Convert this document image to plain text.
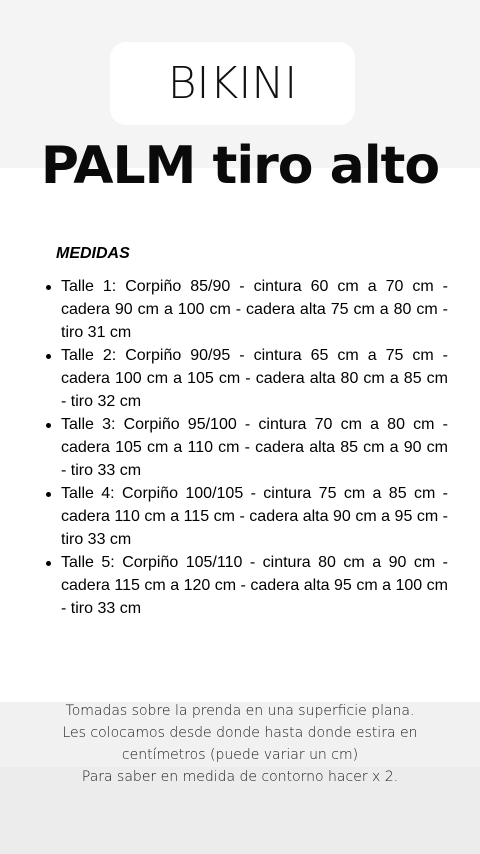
BIKINI
PALM tiro alto
MEDIDAS
Talle 1: Corpiño 85/90 - cintura 60 cm a 70 cm - cadera 90 cm a 100 cm - cadera alta 75 cm a 80 cm - tiro 31 cm
Talle 2: Corpiño 90/95 - cintura 65 cm a 75 cm - cadera 100 cm a 105 cm - cadera alta 80 cm a 85 cm - tiro 32 cm
Talle 3: Corpiño 95/100 - cintura 70 cm a 80 cm - cadera 105 cm a 110 cm - cadera alta 85 cm a 90 cm - tiro 33 cm
Talle 4: Corpiño 100/105 - cintura 75 cm a 85 cm - cadera 110 cm a 115 cm - cadera alta 90 cm a 95 cm - tiro 33 cm
Talle 5: Corpiño 105/110 - cintura 80 cm a 90 cm - cadera 115 cm a 120 cm - cadera alta 95 cm a 100 cm - tiro 33 cm
Tomadas sobre la prenda en una superficie plana.
Les colocamos desde donde hasta donde estira en
centímetros (puede variar un cm)
Para saber en medida de contorno hacer x 2.
